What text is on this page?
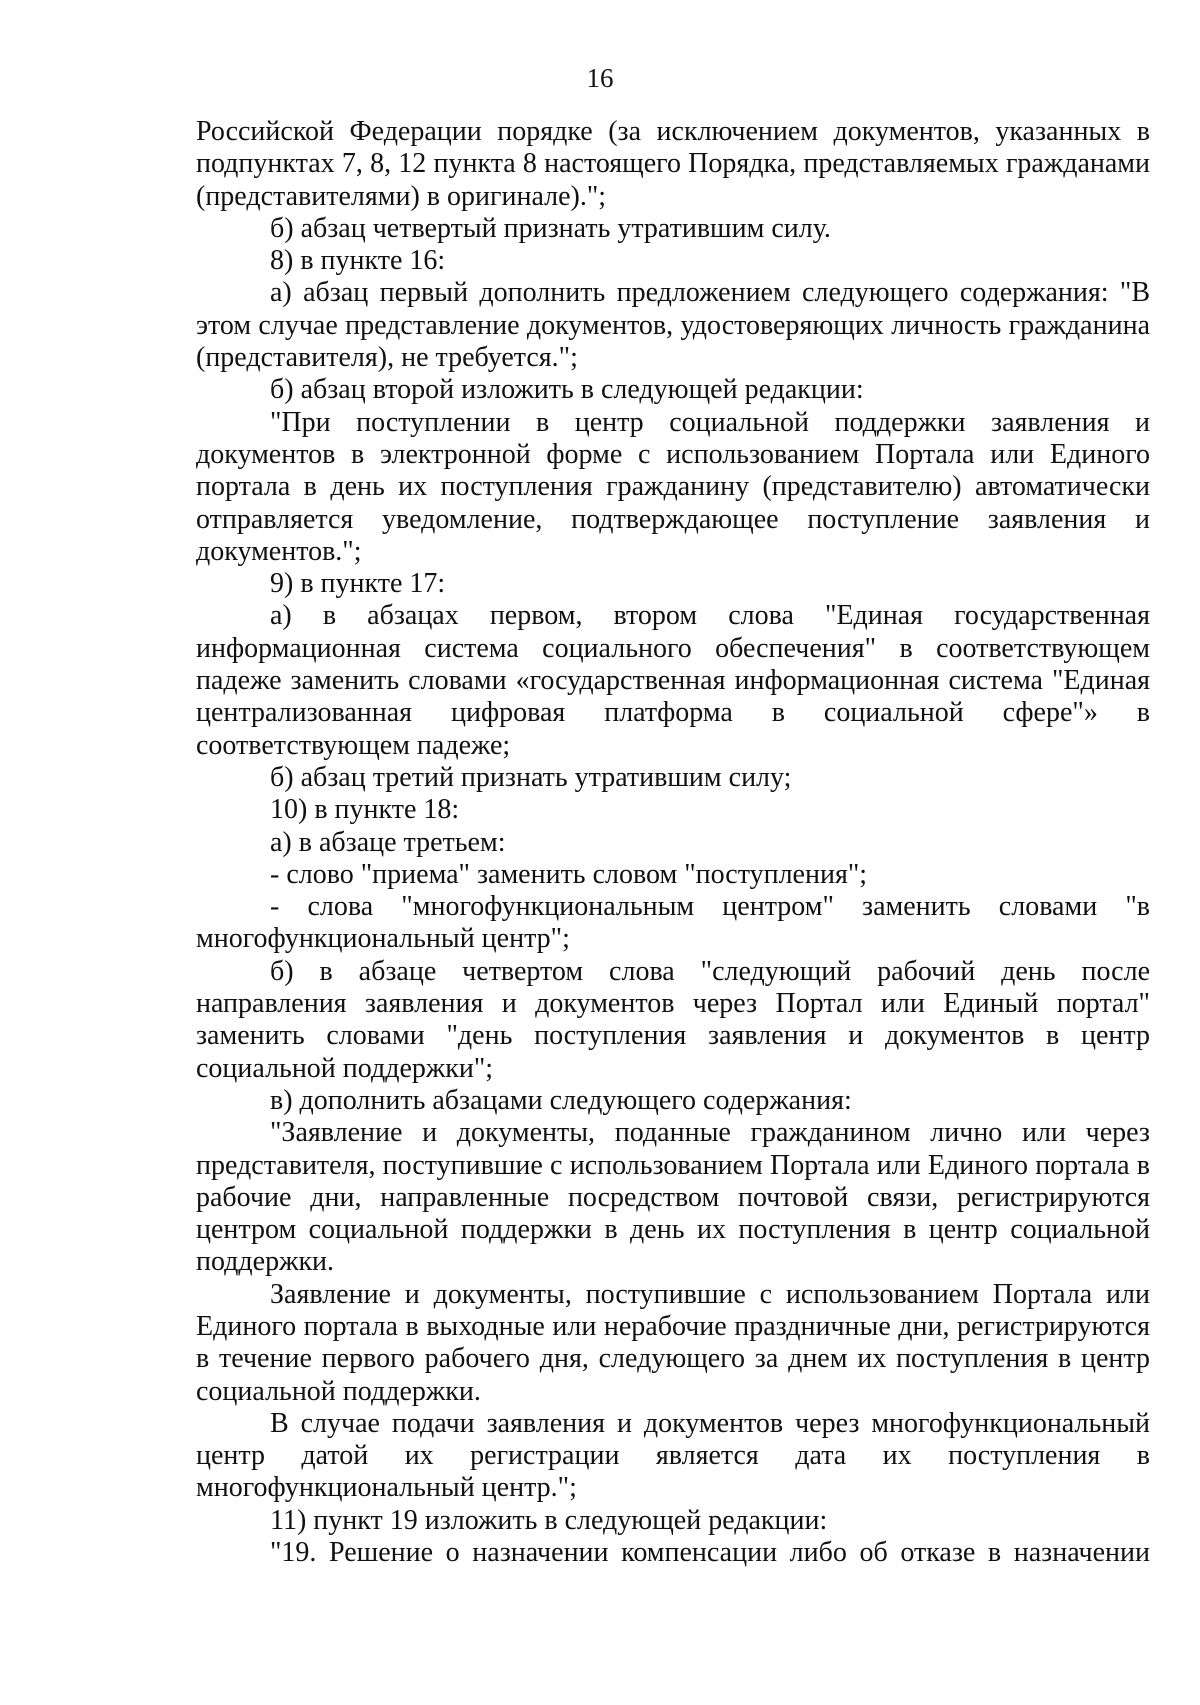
16

Российской Федерации порядке (за исключением документов, указанных в подпунктах 7, 8, 12 пункта 8 настоящего Порядка, представляемых гражданами (представителями) в оригинале).";

б) абзац четвертый признать утратившим силу.

8) в пункте 16:

а) абзац первый дополнить предложением следующего содержания: "В этом случае представление документов, удостоверяющих личность гражданина (представителя), не требуется.";

б) абзац второй изложить в следующей редакции:

"При поступлении в центр социальной поддержки заявления и документов в электронной форме с использованием Портала или Единого портала в день их поступления гражданину (представителю) автоматически отправляется уведомление, подтверждающее поступление заявления и документов.";

9) в пункте 17:

а) в абзацах первом, втором слова "Единая государственная информационная система социального обеспечения" в соответствующем падеже заменить словами «государственная информационная система "Единая централизованная цифровая платформа в социальной сфере"» в соответствующем падеже;

б) абзац третий признать утратившим силу;

10) в пункте 18:

а) в абзаце третьем:

- слово "приема" заменить словом "поступления";

- слова "многофункциональным центром" заменить словами "в многофункциональный центр";

б) в абзаце четвертом слова "следующий рабочий день после направления заявления и документов через Портал или Единый портал" заменить словами "день поступления заявления и документов в центр социальной поддержки";

в) дополнить абзацами следующего содержания:

"Заявление и документы, поданные гражданином лично или через представителя, поступившие с использованием Портала или Единого портала в рабочие дни, направленные посредством почтовой связи, регистрируются центром социальной поддержки в день их поступления в центр социальной поддержки.

Заявление и документы, поступившие с использованием Портала или Единого портала в выходные или нерабочие праздничные дни, регистрируются в течение первого рабочего дня, следующего за днем их поступления в центр социальной поддержки.

В случае подачи заявления и документов через многофункциональный центр датой их регистрации является дата их поступления в многофункциональный центр.";

11) пункт 19 изложить в следующей редакции:

"19. Решение о назначении компенсации либо об отказе в назначении
